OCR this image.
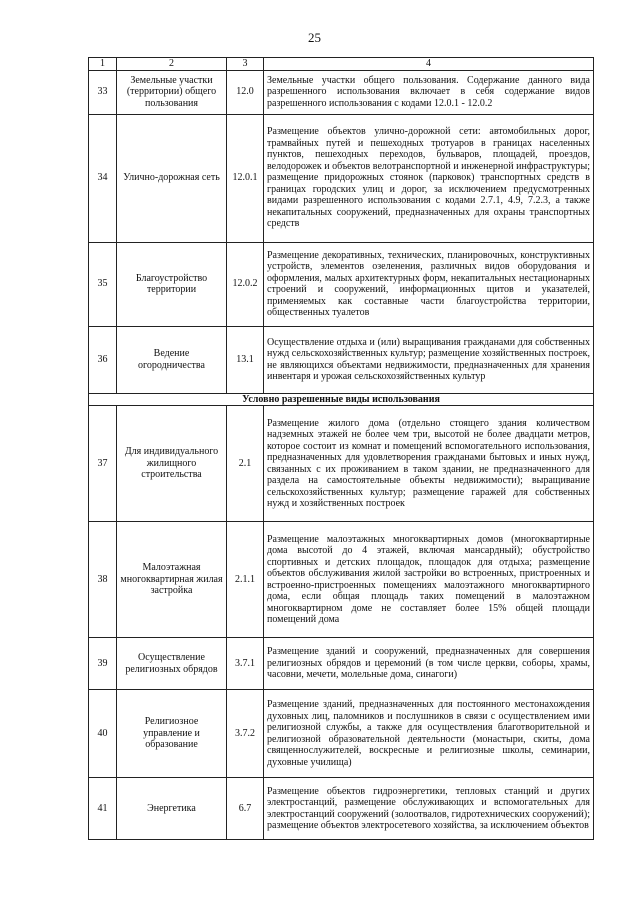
25
1	2	3	4
33	Земельные участки (территории) общего пользования	12.0	Земельные участки общего пользования. Содержание данного вида разрешенного использования включает в себя содержание видов разрешенного использования с кодами 12.0.1 - 12.0.2
34	Улично-дорожная сеть	12.0.1	Размещение объектов улично-дорожной сети: автомобильных дорог, трамвайных путей и пешеходных тротуаров в границах населенных пунктов, пешеходных переходов, бульваров, площадей, проездов, велодорожек и объектов велотранспортной и инженерной инфраструктуры; размещение придорожных стоянок (парковок) транспортных средств в границах городских улиц и дорог, за исключением предусмотренных видами разрешенного использования с кодами 2.7.1, 4.9, 7.2.3, а также некапитальных сооружений, предназначенных для охраны транспортных средств
35	Благоустройство территории	12.0.2	Размещение декоративных, технических, планировочных, конструктивных устройств, элементов озеленения, различных видов оборудования и оформления, малых архитектурных форм, некапитальных нестационарных строений и сооружений, информационных щитов и указателей, применяемых как составные части благоустройства территории, общественных туалетов
36	Ведение огородничества	13.1	Осуществление отдыха и (или) выращивания гражданами для собственных нужд сельскохозяйственных культур; размещение хозяйственных построек, не являющихся объектами недвижимости, предназначенных для хранения инвентаря и урожая сельскохозяйственных культур
Условно разрешенные виды использования			
37	Для индивидуального жилищного строительства	2.1	Размещение жилого дома (отдельно стоящего здания количеством надземных этажей не более чем три, высотой не более двадцати метров, которое состоит из комнат и помещений вспомогательного использования, предназначенных для удовлетворения гражданами бытовых и иных нужд, связанных с их проживанием в таком здании, не предназначенного для раздела на самостоятельные объекты недвижимости); выращивание сельскохозяйственных культур; размещение гаражей для собственных нужд и хозяйственных построек
38	Малоэтажная многоквартирная жилая застройка	2.1.1	Размещение малоэтажных многоквартирных домов (многоквартирные дома высотой до 4 этажей, включая мансардный); обустройство спортивных и детских площадок, площадок для отдыха; размещение объектов обслуживания жилой застройки во встроенных, пристроенных и встроенно-пристроенных помещениях малоэтажного многоквартирного дома, если общая площадь таких помещений в малоэтажном многоквартирном доме не составляет более 15% общей площади помещений дома
39	Осуществление религиозных обрядов	3.7.1	Размещение зданий и сооружений, предназначенных для совершения религиозных обрядов и церемоний (в том числе церкви, соборы, храмы, часовни, мечети, молельные дома, синагоги)
40	Религиозное управление и образование	3.7.2	Размещение зданий, предназначенных для постоянного местонахождения духовных лиц, паломников и послушников в связи с осуществлением ими религиозной службы, а также для осуществления благотворительной и религиозной образовательной деятельности (монастыри, скиты, дома священнослужителей, воскресные и религиозные школы, семинарии, духовные училища)
41	Энергетика	6.7	Размещение объектов гидроэнергетики, тепловых станций и других электростанций, размещение обслуживающих и вспомогательных для электростанций сооружений (золоотвалов, гидротехнических сооружений); размещение объектов электросетевого хозяйства, за исключением объектов
